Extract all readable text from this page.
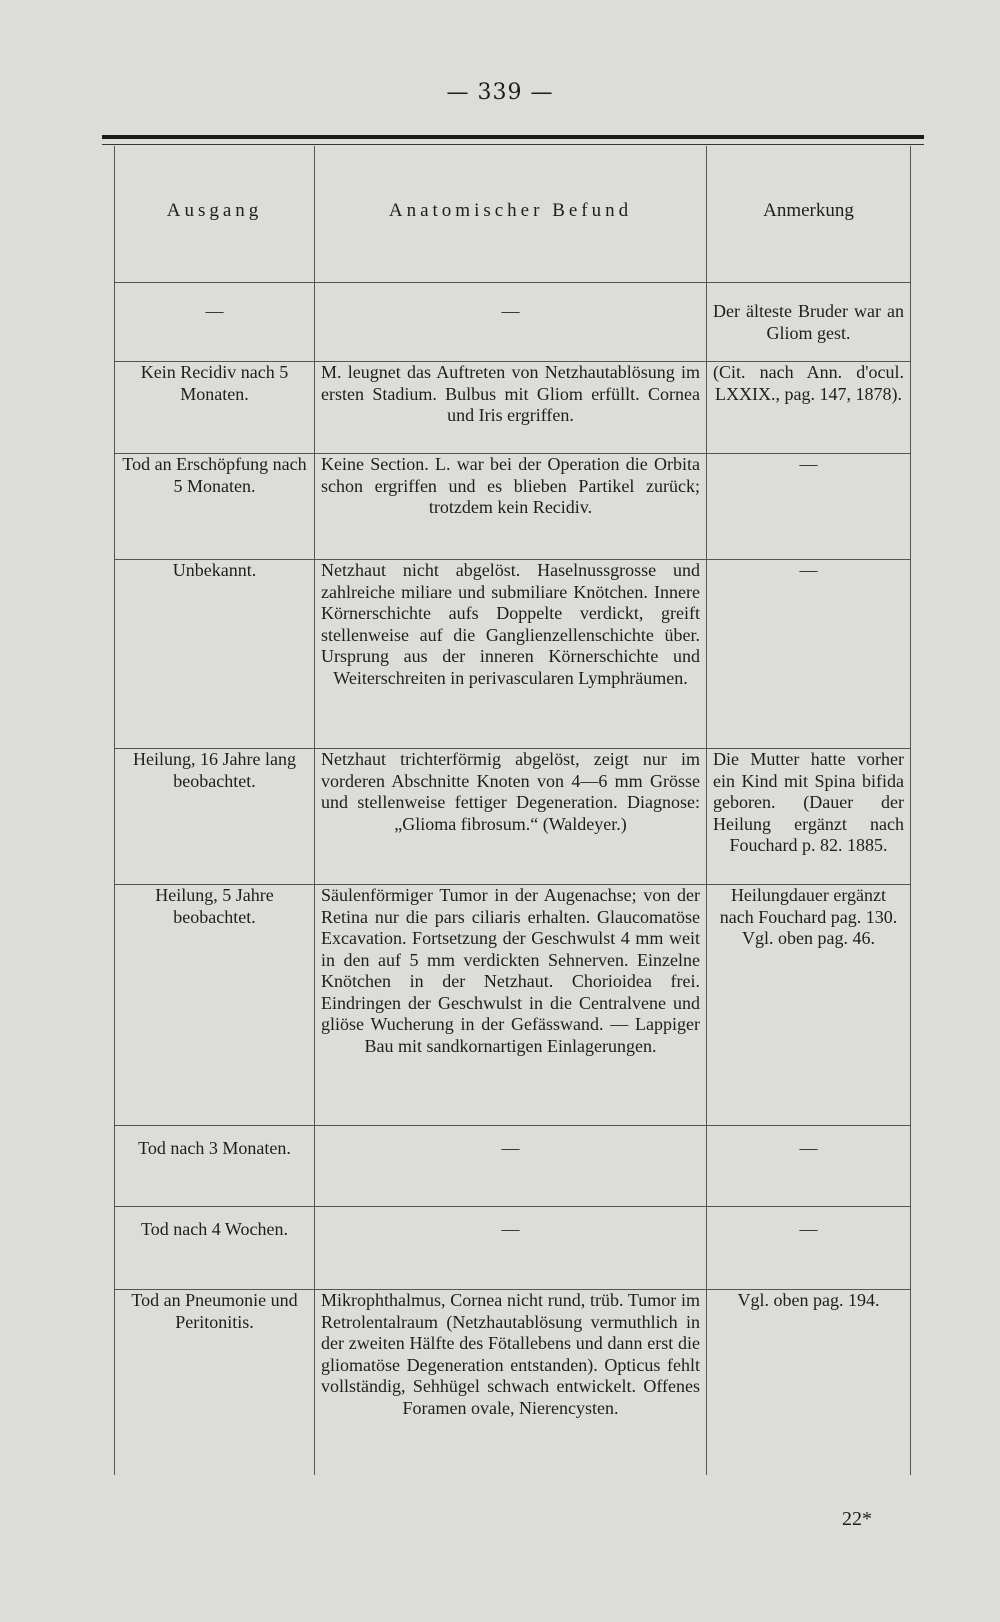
— 339 —
Ausgang	Anatomischer Befund	Anmerkung
—	—	Der älteste Bruder war an Gliom gest.
Kein Recidiv nach 5 Monaten.	M. leugnet das Auftreten von Netzhautablösung im ersten Stadium. Bulbus mit Gliom erfüllt. Cornea und Iris ergriffen.	(Cit. nach Ann. d'ocul. LXXIX., pag. 147, 1878).
Tod an Erschöpfung nach 5 Monaten.	Keine Section. L. war bei der Operation die Orbita schon ergriffen und es blieben Partikel zurück; trotzdem kein Recidiv.	—
Unbekannt.	Netzhaut nicht abgelöst. Haselnussgrosse und zahlreiche miliare und submiliare Knötchen. Innere Körnerschichte aufs Doppelte verdickt, greift stellenweise auf die Ganglienzellenschichte über. Ursprung aus der inneren Körnerschichte und Weiterschreiten in perivascularen Lymphräumen.	—
Heilung, 16 Jahre lang beobachtet.	Netzhaut trichterförmig abgelöst, zeigt nur im vorderen Abschnitte Knoten von 4—6 mm Grösse und stellenweise fettiger Degeneration. Diagnose: „Glioma fibrosum.“ (Waldeyer.)	Die Mutter hatte vorher ein Kind mit Spina bifida geboren. (Dauer der Heilung ergänzt nach Fouchard p. 82. 1885.
Heilung, 5 Jahre beobachtet.	Säulenförmiger Tumor in der Augenachse; von der Retina nur die pars ciliaris erhalten. Glaucomatöse Excavation. Fortsetzung der Geschwulst 4 mm weit in den auf 5 mm verdickten Sehnerven. Einzelne Knötchen in der Netzhaut. Chorioidea frei. Eindringen der Geschwulst in die Centralvene und gliöse Wucherung in der Gefässwand. — Lappiger Bau mit sandkornartigen Einlagerungen.	Heilungdauer ergänzt nach Fouchard pag. 130. Vgl. oben pag. 46.
Tod nach 3 Monaten.	—	—
Tod nach 4 Wochen.	—	—
Tod an Pneumonie und Peritonitis.	Mikrophthalmus, Cornea nicht rund, trüb. Tumor im Retrolentalraum (Netzhautablösung vermuthlich in der zweiten Hälfte des Fötallebens und dann erst die gliomatöse Degeneration entstanden). Opticus fehlt vollständig, Sehhügel schwach entwickelt. Offenes Foramen ovale, Nierencysten.	Vgl. oben pag. 194.
22*
